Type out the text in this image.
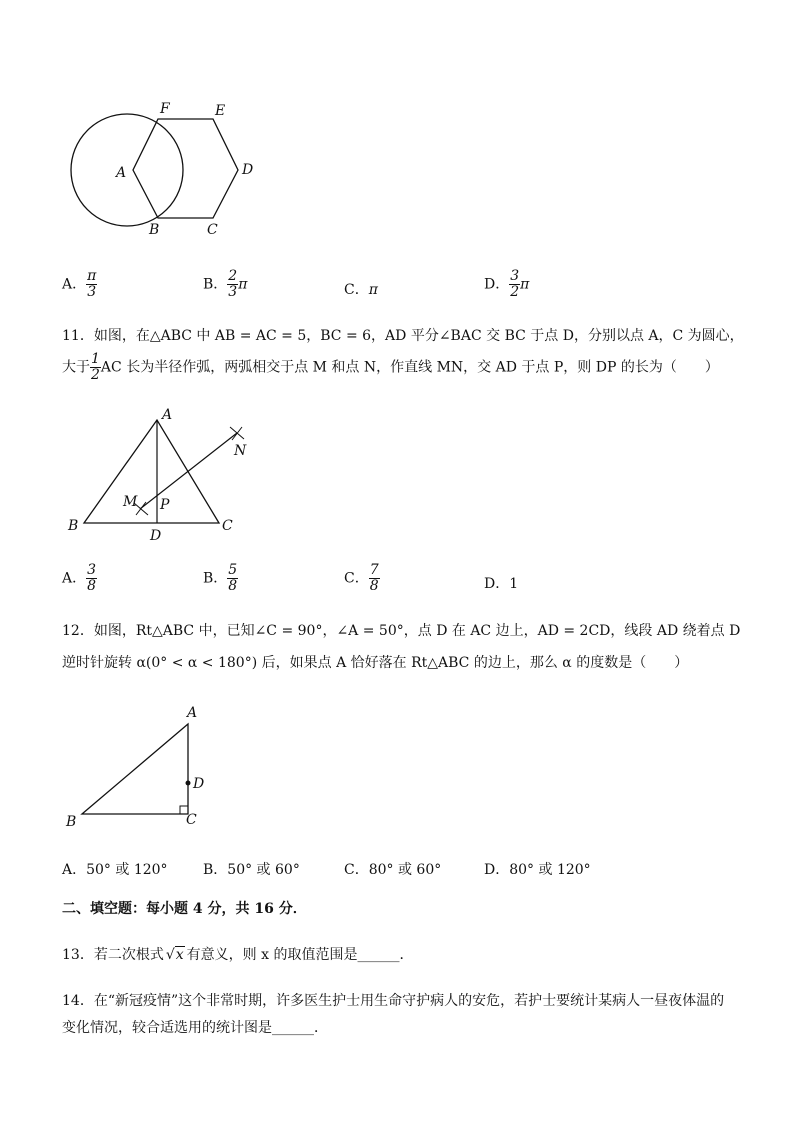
F	E
D
A
B	C
A． $\frac{\pi}{3}$	B． $\frac{2}{3}$ π	C．π	D． $\frac{3}{2}$ π
11．如图，在△ABC 中 AB = AC = 5，BC = 6，AD 平分∠BAC 交 BC 于点 D，分别以点 A，C 为圆心，
大于 $\frac{1}{2}$ AC 长为半径作弧，两弧相交于点 M 和点 N，作直线 MN，交 AD 于点 P，则 DP 的长为（　　）
A
N
M P
B	C
D
A． $\frac{3}{8}$	B． $\frac{5}{8}$	C． $\frac{7}{8}$	D．1
12．如图，Rt△ABC 中，已知∠C = 90°，∠A = 50°，点 D 在 AC 边上，AD = 2CD，线段 AD 绕着点 D
逆时针旋转 α(0° < α < 180°) 后，如果点 A 恰好落在 Rt△ABC 的边上，那么 α 的度数是（　　）
A
D
B	C
A．50° 或 120°	B．50° 或 60°	C．80° 或 60°	D．80° 或 120°
二、填空题：每小题 4 分，共 16 分．
13．若二次根式 √x 有意义，则 x 的取值范围是______．
14．在“新冠疫情”这个非常时期，许多医生护士用生命守护病人的安危，若护士要统计某病人一昼夜体温的
变化情况，较合适选用的统计图是______．
